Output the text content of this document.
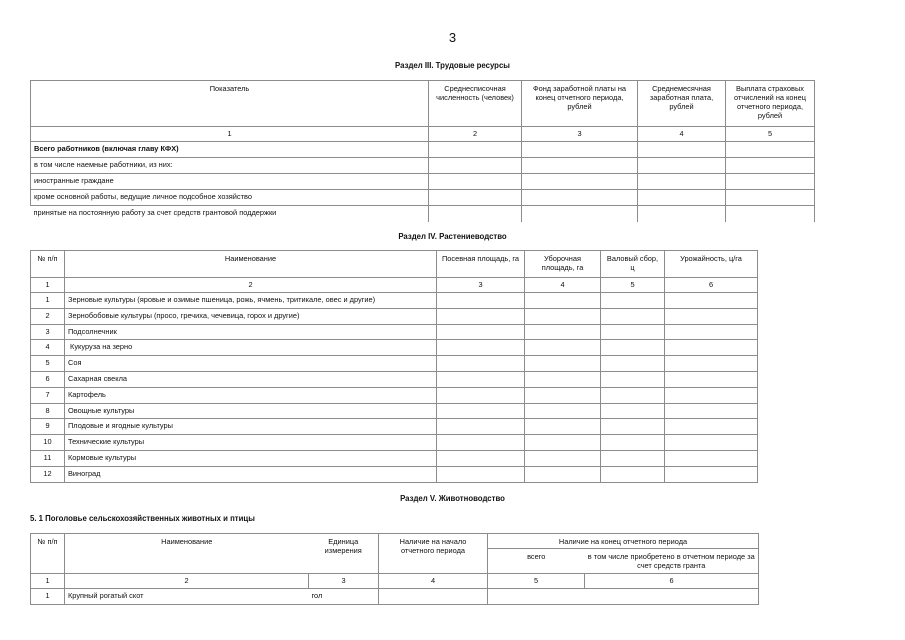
3
Раздел III. Трудовые ресурсы
Показатель	Среднесписочная численность (человек)	Фонд заработной платы на конец отчетного периода, рублей	Среднемесячная заработная плата, рублей	Выплата страховых отчислений на конец отчетного периода, рублей
1	2	3	4	5
Всего работников (включая главу КФХ)				
в том числе наемные работники, из них:				
иностранные граждане				
кроме основной работы, ведущие личное подсобное хозяйство				
принятые на постоянную работу за счет средств грантовой поддержки				
Раздел IV. Растениеводство
№ п/п	Наименование	Посевная площадь, га	Уборочная площадь, га	Валовый сбор, ц	Урожайность, ц/га
1	2	3	4	5	6
1	Зерновые культуры (яровые и озимые пшеница, рожь, ячмень, тритикале, овес и другие)				
2	Зернобобовые культуры (просо, гречиха, чечевица, горох и другие)				
3	Подсолнечник				
4	Кукуруза на зерно				
5	Соя				
6	Сахарная свекла				
7	Картофель				
8	Овощные культуры				
9	Плодовые и ягодные культуры				
10	Технические культуры				
11	Кормовые культуры				
12	Виноград				
Раздел V. Животноводство
5. 1 Поголовье сельскохозяйственных животных и птицы
№ п/п	Наименование	Единица измерения	Наличие на начало отчетного периода	Наличие на конец отчетного периода	
				всего	в том числе приобретено в отчетном периоде за счет средств гранта
1	2	3	4	5	6
1	Крупный рогатый скот	гол			
